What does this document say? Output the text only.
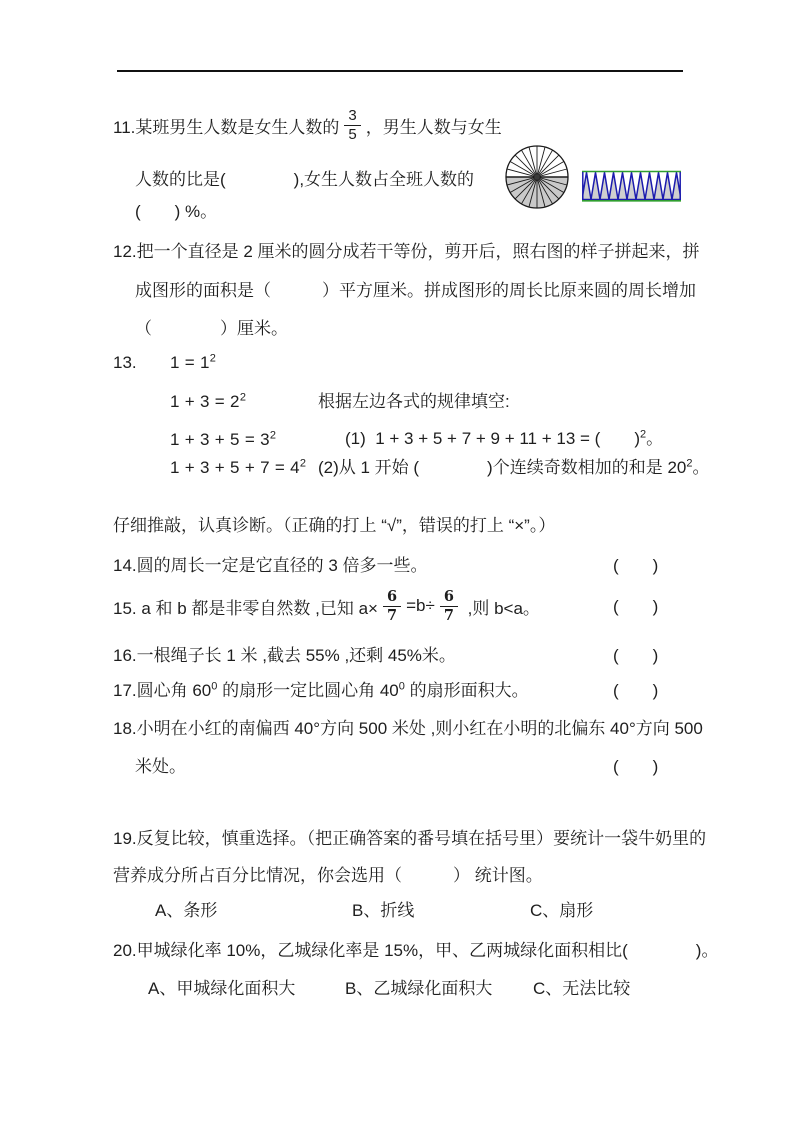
11.某班男生人数是女生人数的 $\frac{3}{5}$ ，男生人数与女生
人数的比是(　　　　),女生人数占全班人数的
(　　) %。
12.把一个直径是 2 厘米的圆分成若干等份，剪开后，照右图的样子拼起来，拼
成图形的面积是（　　　）平方厘米。拼成图形的周长比原来圆的周长增加
（　　　　）厘米。
13. $1 = 1^2$
$1 + 3 = 2^2$	根据左边各式的规律填空:
$1 + 3 + 5 = 3^2$	(1)  1 + 3 + 5 + 7 + 9 + 11 + 13 = (　　)$^2$。
$1 + 3 + 5 + 7 = 4^2$ (2)从 1 开始 (　　　　)个连续奇数相加的和是 $20^2$。
仔细推敲，认真诊断。（正确的打上 “√”，错误的打上 “×”。）
14.圆的周长一定是它直径的 3 倍多一些。	(　　)
15. a 和 b 都是非零自然数 ,已知 $a\times \frac{6}{7} =b\div \frac{6}{7}$ ,则 b<a。	(　　)
16.一根绳子长 1 米 ,截去 55% ,还剩 45%米。	(　　)
17.圆心角 $60^0$ 的扇形一定比圆心角 $40^0$ 的扇形面积大。	(　　)
18.小明在小红的南偏西 40°方向 500 米处 ,则小红在小明的北偏东 40°方向 500
米处。	(　　)
19.反复比较，慎重选择。（把正确答案的番号填在括号里）要统计一袋牛奶里的
营养成分所占百分比情况，你会选用（　　　） 统计图。
A、条形	B、折线	C、扇形
20.甲城绿化率 10%，乙城绿化率是 15%，甲、乙两城绿化面积相比(　　　　)。
A、甲城绿化面积大	B、乙城绿化面积大 C、无法比较
